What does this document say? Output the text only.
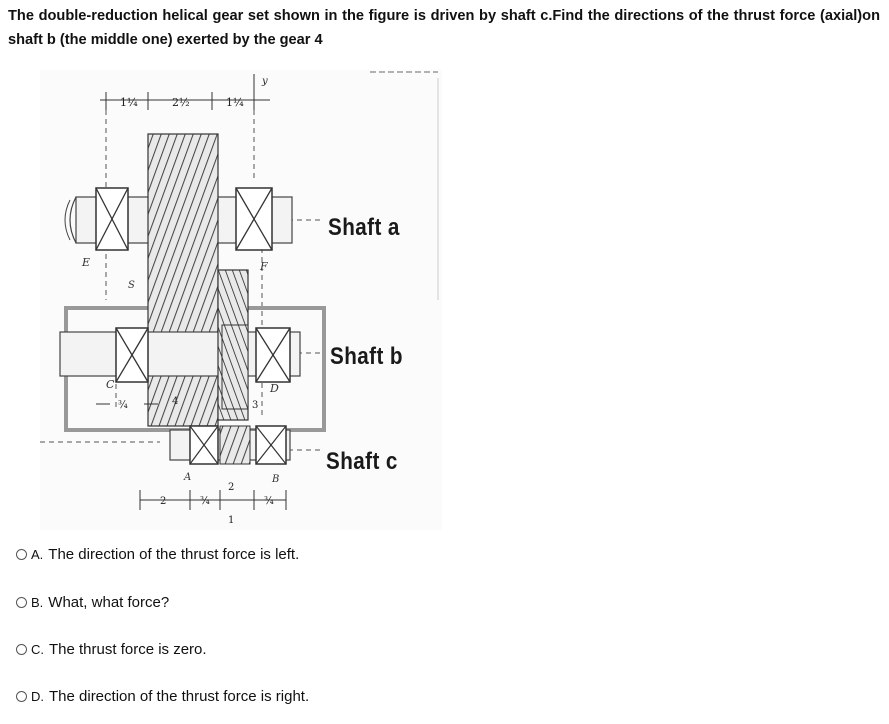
The double-reduction helical gear set shown in the figure is driven by shaft c.Find the directions of the thrust force (axial)on shaft b (the middle one) exerted by the gear 4
1¼	2½	1¼
y
E	F
C	D
S
A	B
1
2
3
4
¾
2	¾	¾
Shaft a
Shaft b
Shaft c
A. The direction of the thrust force is left.
B. What, what force?
C. The thrust force is zero.
D. The direction of the thrust force is right.
